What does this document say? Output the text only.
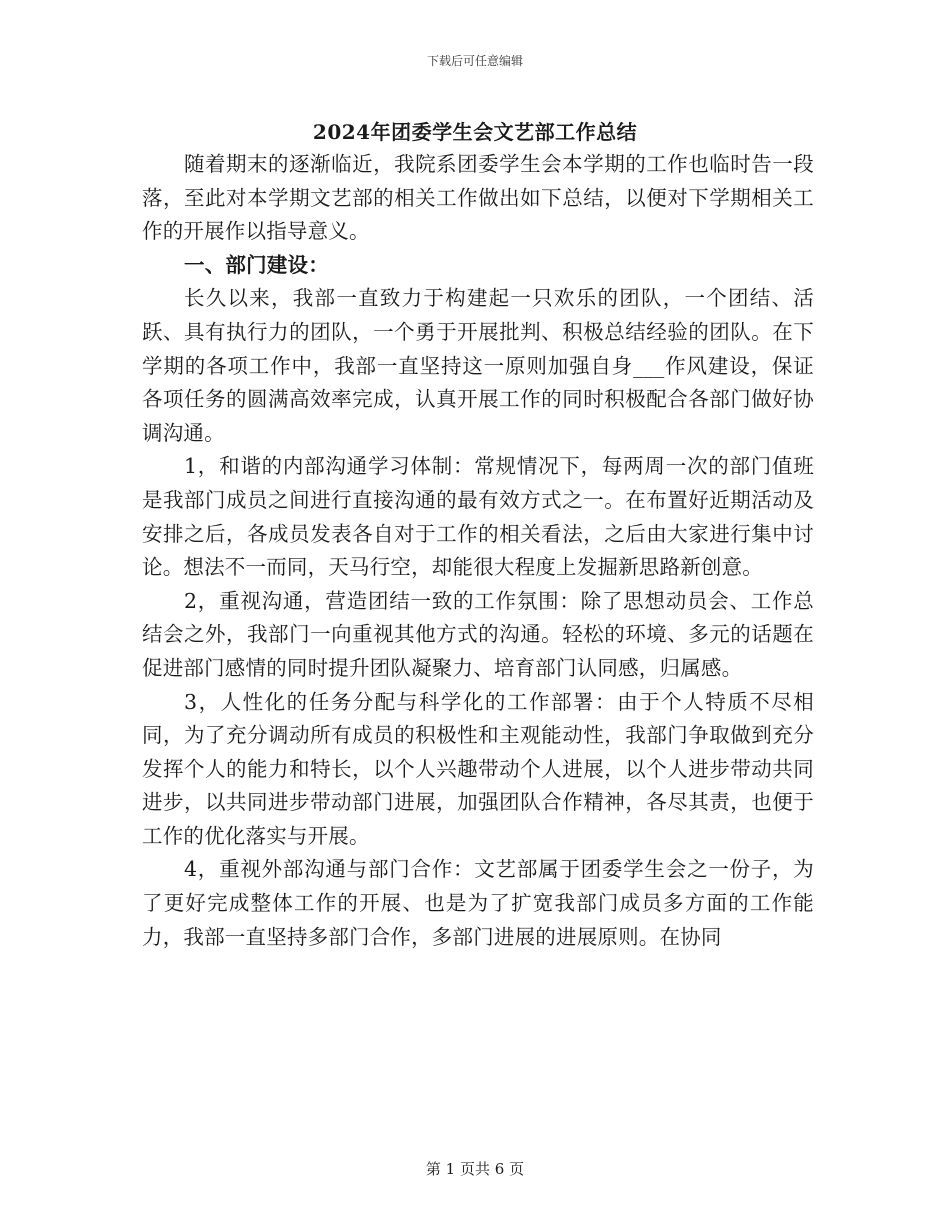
下载后可任意编辑
2024年团委学生会文艺部工作总结

随着期末的逐渐临近，我院系团委学生会本学期的工作也临时告一段落，至此对本学期文艺部的相关工作做出如下总结，以便对下学期相关工作的开展作以指导意义。

一、部门建设：

长久以来，我部一直致力于构建起一只欢乐的团队，一个团结、活跃、具有执行力的团队，一个勇于开展批判、积极总结经验的团队。在下学期的各项工作中，我部一直坚持这一原则加强自身___作风建设，保证各项任务的圆满高效率完成，认真开展工作的同时积极配合各部门做好协调沟通。

1，和谐的内部沟通学习体制：常规情况下，每两周一次的部门值班是我部门成员之间进行直接沟通的最有效方式之一。在布置好近期活动及安排之后，各成员发表各自对于工作的相关看法，之后由大家进行集中讨论。想法不一而同，天马行空，却能很大程度上发掘新思路新创意。

2，重视沟通，营造团结一致的工作氛围：除了思想动员会、工作总结会之外，我部门一向重视其他方式的沟通。轻松的环境、多元的话题在促进部门感情的同时提升团队凝聚力、培育部门认同感，归属感。

3，人性化的任务分配与科学化的工作部署：由于个人特质不尽相同，为了充分调动所有成员的积极性和主观能动性，我部门争取做到充分发挥个人的能力和特长，以个人兴趣带动个人进展，以个人进步带动共同进步，以共同进步带动部门进展，加强团队合作精神，各尽其责，也便于工作的优化落实与开展。

4，重视外部沟通与部门合作：文艺部属于团委学生会之一份子，为了更好完成整体工作的开展、也是为了扩宽我部门成员多方面的工作能力，我部一直坚持多部门合作，多部门进展的进展原则。在协同

第 1 页共 6 页
